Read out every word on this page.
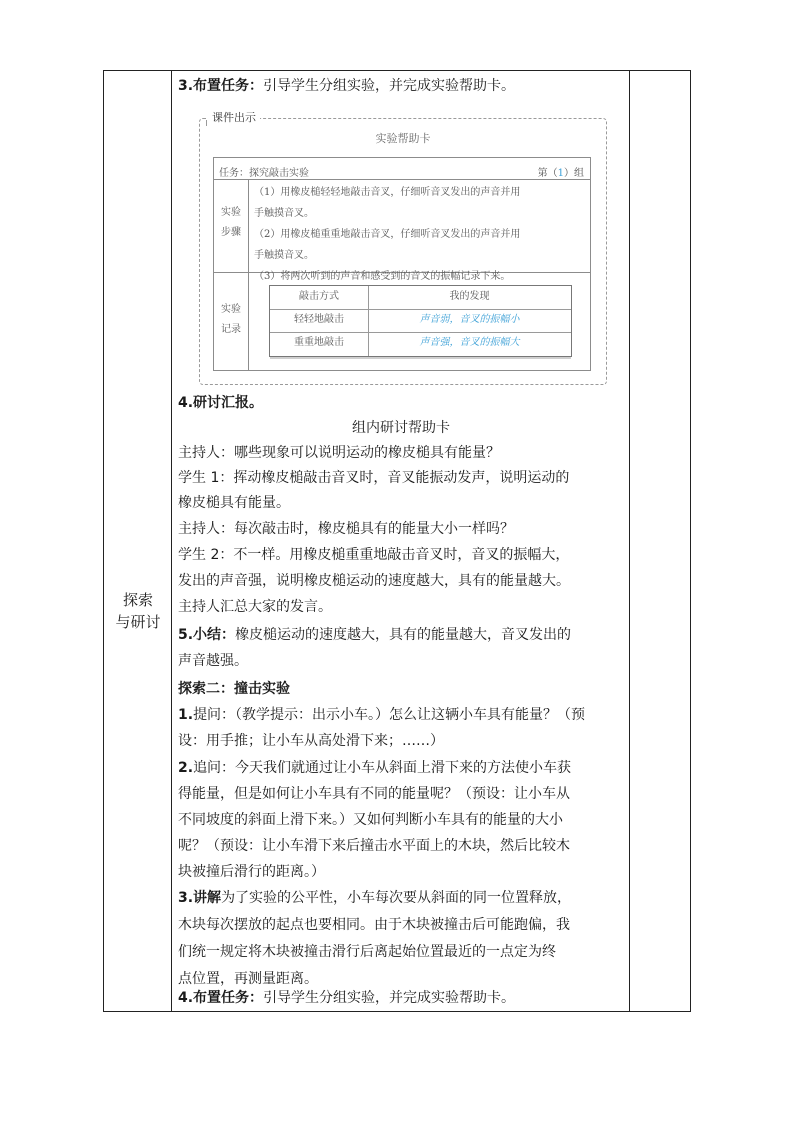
探索
与研讨
3.布置任务：引导学生分组实验，并完成实验帮助卡。
课件出示
实验帮助卡
任务：探究敲击实验	第（1）组
实验
步骤
（1）用橡皮槌轻轻地敲击音叉，仔细听音叉发出的声音并用
手触摸音叉。
（2）用橡皮槌重重地敲击音叉，仔细听音叉发出的声音并用
手触摸音叉。
（3）将两次听到的声音和感受到的音叉的振幅记录下来。
实验
记录
敲击方式	我的发现
轻轻地敲击	声音弱，音叉的振幅小
重重地敲击	声音强，音叉的振幅大
4.研讨汇报。
组内研讨帮助卡
主持人：哪些现象可以说明运动的橡皮槌具有能量？
学生 1：挥动橡皮槌敲击音叉时，音叉能振动发声，说明运动的
橡皮槌具有能量。
主持人：每次敲击时，橡皮槌具有的能量大小一样吗？
学生 2：不一样。用橡皮槌重重地敲击音叉时，音叉的振幅大，
发出的声音强，说明橡皮槌运动的速度越大，具有的能量越大。
主持人汇总大家的发言。
5.小结：橡皮槌运动的速度越大，具有的能量越大，音叉发出的
声音越强。
探索二：撞击实验
1.提问：（教学提示：出示小车。）怎么让这辆小车具有能量？（预
设：用手推；让小车从高处滑下来；……）
2.追问：今天我们就通过让小车从斜面上滑下来的方法使小车获
得能量，但是如何让小车具有不同的能量呢？（预设：让小车从
不同坡度的斜面上滑下来。）又如何判断小车具有的能量的大小
呢？（预设：让小车滑下来后撞击水平面上的木块，然后比较木
块被撞后滑行的距离。）
3.讲解为了实验的公平性，小车每次要从斜面的同一位置释放，
木块每次摆放的起点也要相同。由于木块被撞击后可能跑偏，我
们统一规定将木块被撞击滑行后离起始位置最近的一点定为终
点位置，再测量距离。
4.布置任务：引导学生分组实验，并完成实验帮助卡。
